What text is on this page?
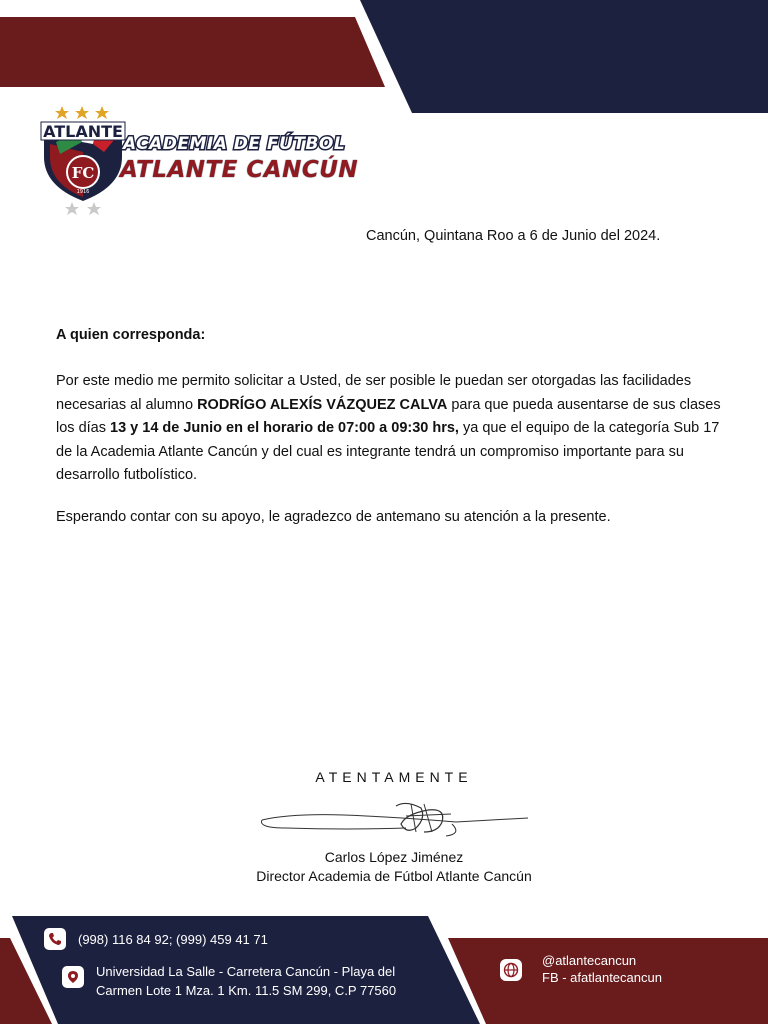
FC
1916
ATLANTE
ACADEMIA DE FÚTBOL
ATLANTE CANCÚN
Cancún, Quintana Roo a 6 de Junio del 2024.
A quien corresponda:
Por este medio me permito solicitar a Usted, de ser posible le puedan ser otorgadas las facilidades necesarias al alumno RODRÍGO ALEXÍS VÁZQUEZ CALVA para que pueda ausentarse de sus clases los días 13 y 14 de Junio en el horario de 07:00 a 09:30 hrs, ya que el equipo de la categoría Sub 17 de la Academia Atlante Cancún y del cual es integrante tendrá un compromiso importante para su desarrollo futbolístico.
Esperando contar con su apoyo, le agradezco de antemano su atención a la presente.
ATENTAMENTE
Carlos López Jiménez
Director Academia de Fútbol Atlante Cancún
(998) 116 84 92; (999) 459 41 71
Universidad La Salle - Carretera Cancún - Playa del
Carmen Lote 1 Mza. 1 Km. 11.5 SM 299, C.P 77560
@atlantecancun
FB - afatlantecancun
